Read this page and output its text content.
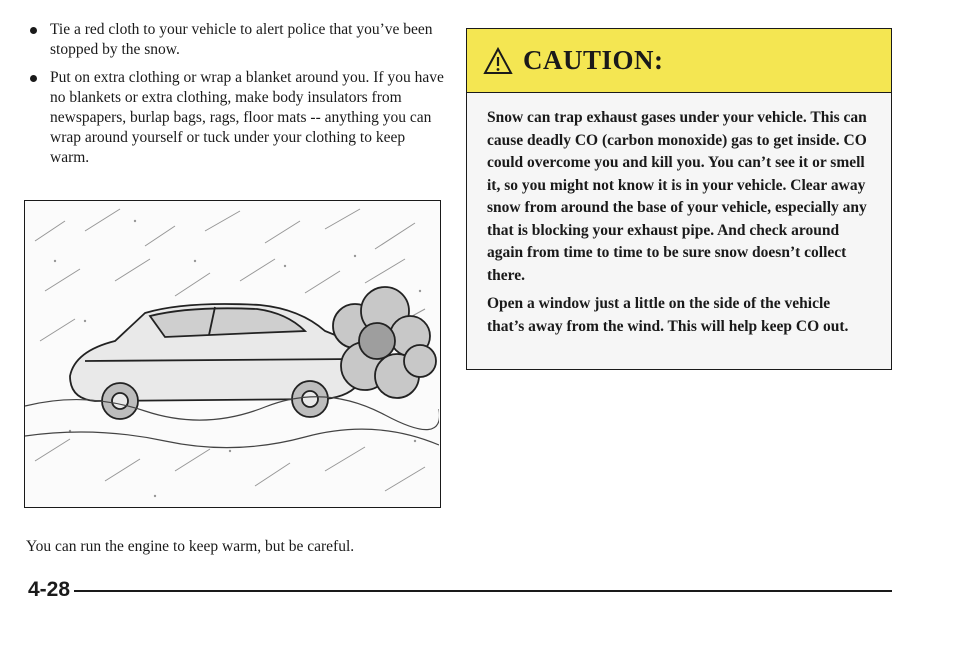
Tie a red cloth to your vehicle to alert police that you’ve been stopped by the snow.
Put on extra clothing or wrap a blanket around you. If you have no blankets or extra clothing, make body insulators from newspapers, burlap bags, rags, floor mats -- anything you can wrap around yourself or tuck under your clothing to keep warm.
You can run the engine to keep warm, but be careful.
CAUTION:

Snow can trap exhaust gases under your vehicle. This can cause deadly CO (carbon monoxide) gas to get inside. CO could overcome you and kill you. You can’t see it or smell it, so you might not know it is in your vehicle. Clear away snow from around the base of your vehicle, especially any that is blocking your exhaust pipe. And check around again from time to time to be sure snow doesn’t collect there.

Open a window just a little on the side of the vehicle that’s away from the wind. This will help keep CO out.

4-28
